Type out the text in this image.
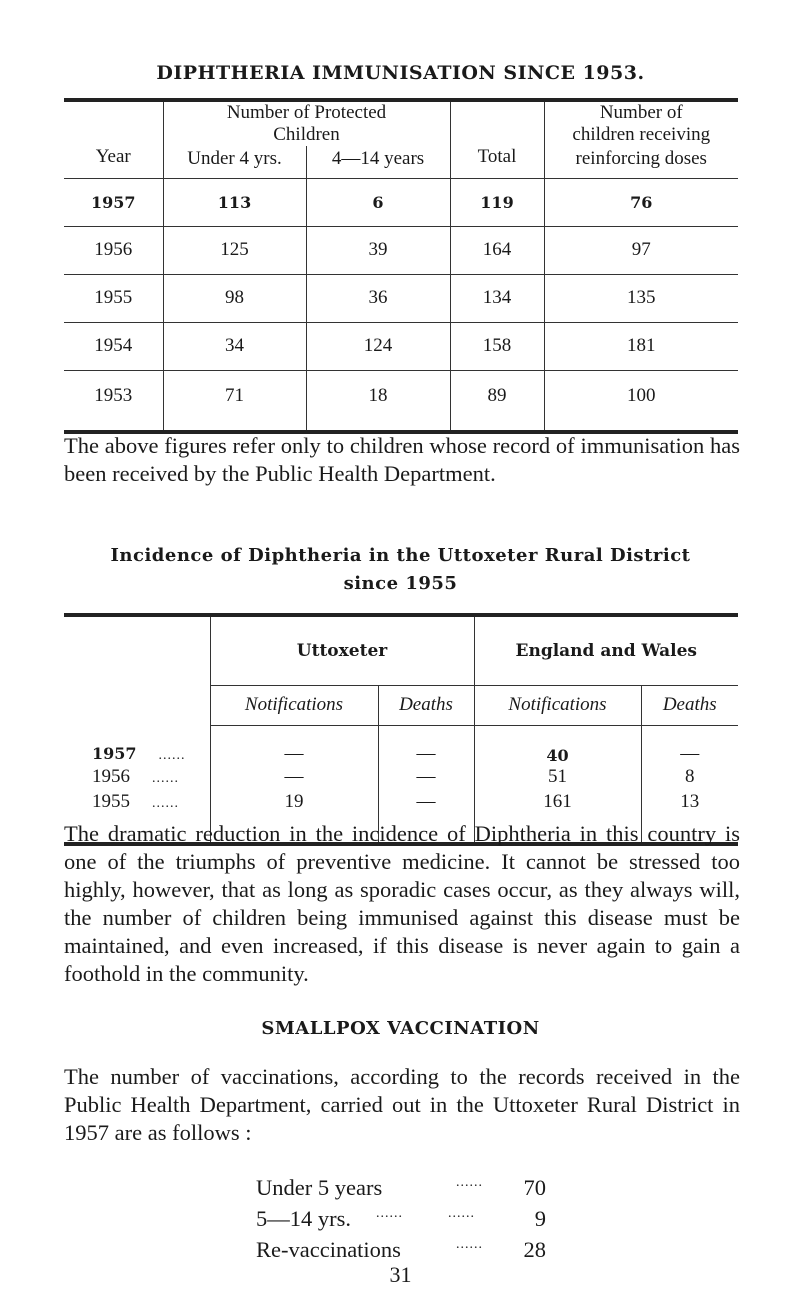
DIPHTHERIA IMMUNISATION SINCE 1953.
Year	Number of Protected		Total	Number of
	Children			children receiving
	Under 4 yrs.	4—14 years		reinforcing doses
1957	113	6	119	76
1956	125	39	164	97
1955	98	36	134	135
1954	34	124	158	181
1953	71	18	89	100
The above figures refer only to children whose record of immunisation has been received by the Public Health Department.
Incidence of Diphtheria in the Uttoxeter Rural District
since 1955
	Uttoxeter		England and Wales	
	Notifications	Deaths	Notifications	Deaths
1957 ......	—	—	40	—
1956 ......	—	—	51	8
1955 ......	19	—	161	13
The dramatic reduction in the incidence of Diphtheria in this country is one of the triumphs of preventive medicine. It cannot be stressed too highly, however, that as long as sporadic cases occur, as they always will, the number of children being immunised against this disease must be maintained, and even increased, if this disease is never again to gain a foothold in the community.
SMALLPOX VACCINATION
The number of vaccinations, according to the records received in the Public Health Department, carried out in the Uttoxeter Rural District in 1957 are as follows :
Under 5 years	...... 70
5—14 yrs. ......          ......	9
Re-vaccinations	...... 28
31
